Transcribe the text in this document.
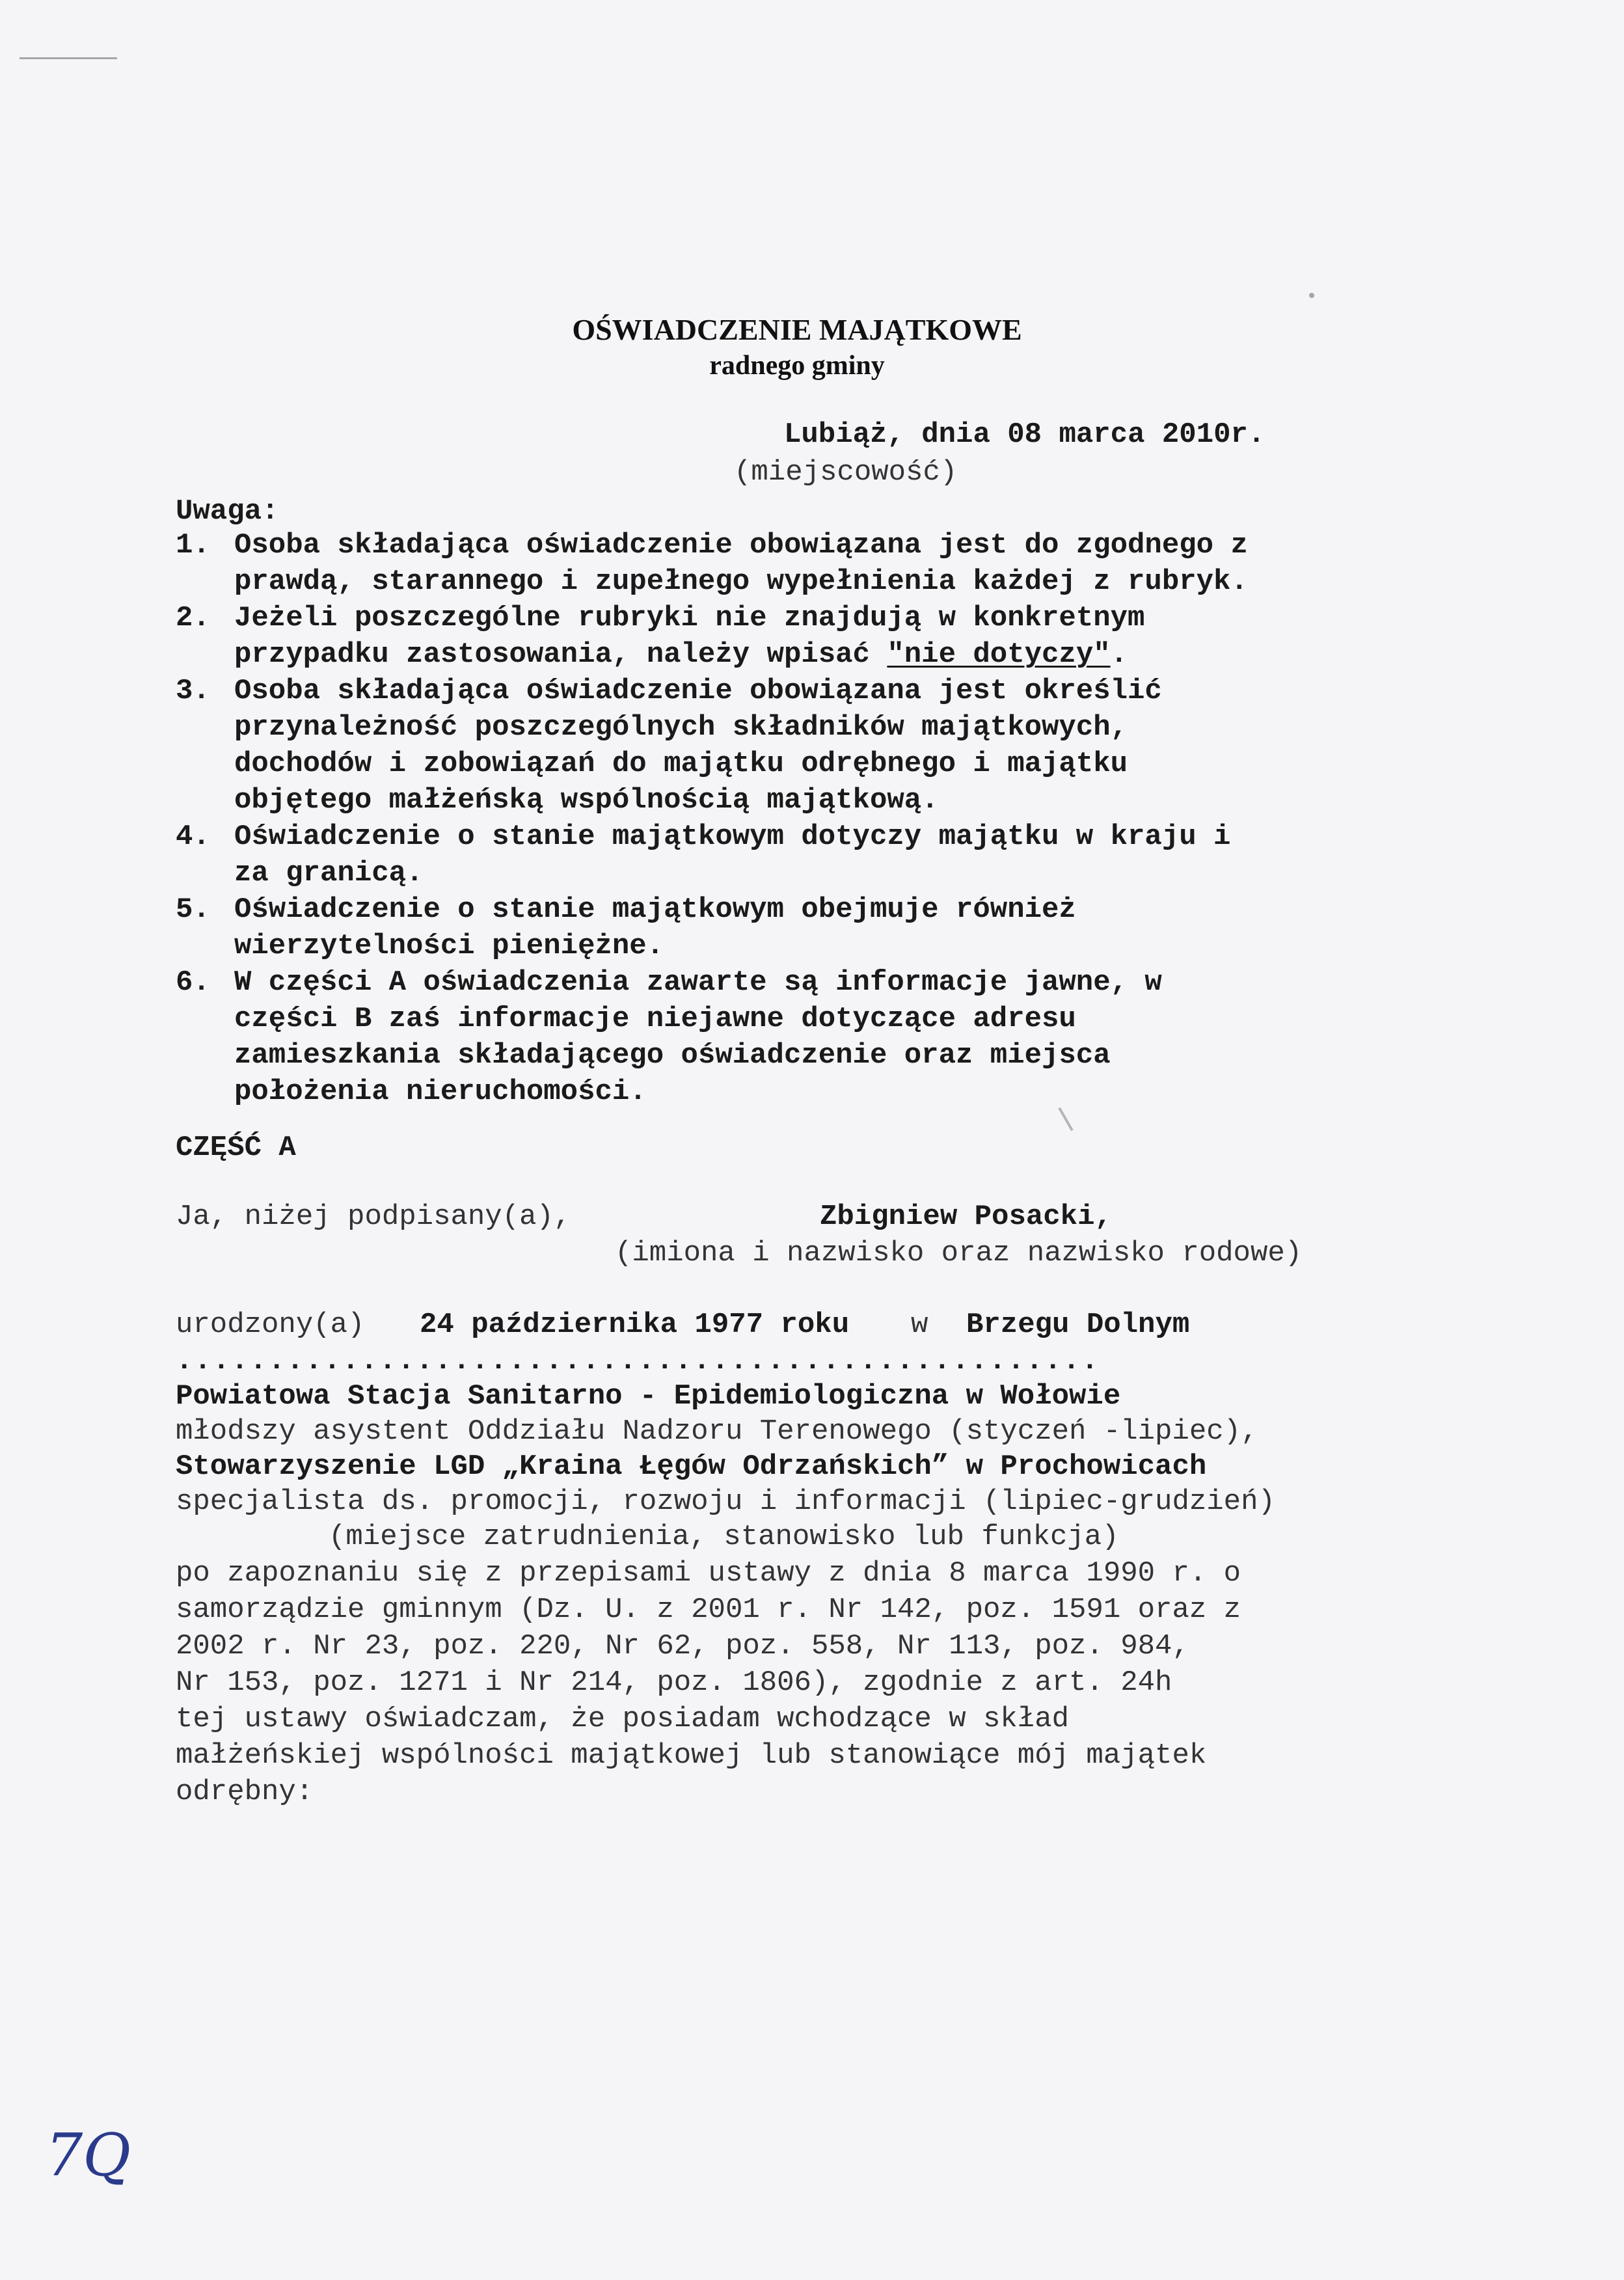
OŚWIADCZENIE MAJĄTKOWE
radnego gminy
Lubiąż, dnia 08 marca 2010r.
(miejscowość)
Uwaga:
1. Osoba składająca oświadczenie obowiązana jest do zgodnego z
prawdą, starannego i zupełnego wypełnienia każdej z rubryk.
2. Jeżeli poszczególne rubryki nie znajdują w konkretnym
przypadku zastosowania, należy wpisać "nie dotyczy".
3. Osoba składająca oświadczenie obowiązana jest określić
przynależność poszczególnych składników majątkowych,
dochodów i zobowiązań do majątku odrębnego i majątku
objętego małżeńską wspólnością majątkową.
4. Oświadczenie o stanie majątkowym dotyczy majątku w kraju i
za granicą.
5. Oświadczenie o stanie majątkowym obejmuje również
wierzytelności pieniężne.
6. W części A oświadczenia zawarte są informacje jawne, w
części B zaś informacje niejawne dotyczące adresu
zamieszkania składającego oświadczenie oraz miejsca
położenia nieruchomości.
CZĘŚĆ A
Ja, niżej podpisany(a),	Zbigniew Posacki,
(imiona i nazwisko oraz nazwisko rodowe)
urodzony(a) 24 października 1977 roku w Brzegu Dolnym
..................................................
Powiatowa Stacja Sanitarno - Epidemiologiczna w Wołowie
młodszy asystent Oddziału Nadzoru Terenowego (styczeń -lipiec),
Stowarzyszenie LGD „Kraina Łęgów Odrzańskich” w Prochowicach
specjalista ds. promocji, rozwoju i informacji (lipiec-grudzień)
(miejsce zatrudnienia, stanowisko lub funkcja)
po zapoznaniu się z przepisami ustawy z dnia 8 marca 1990 r. o
samorządzie gminnym (Dz. U. z 2001 r. Nr 142, poz. 1591 oraz z
2002 r. Nr 23, poz. 220, Nr 62, poz. 558, Nr 113, poz. 984,
Nr 153, poz. 1271 i Nr 214, poz. 1806), zgodnie z art. 24h
tej ustawy oświadczam, że posiadam wchodzące w skład
małżeńskiej wspólności majątkowej lub stanowiące mój majątek
odrębny:
7Q
